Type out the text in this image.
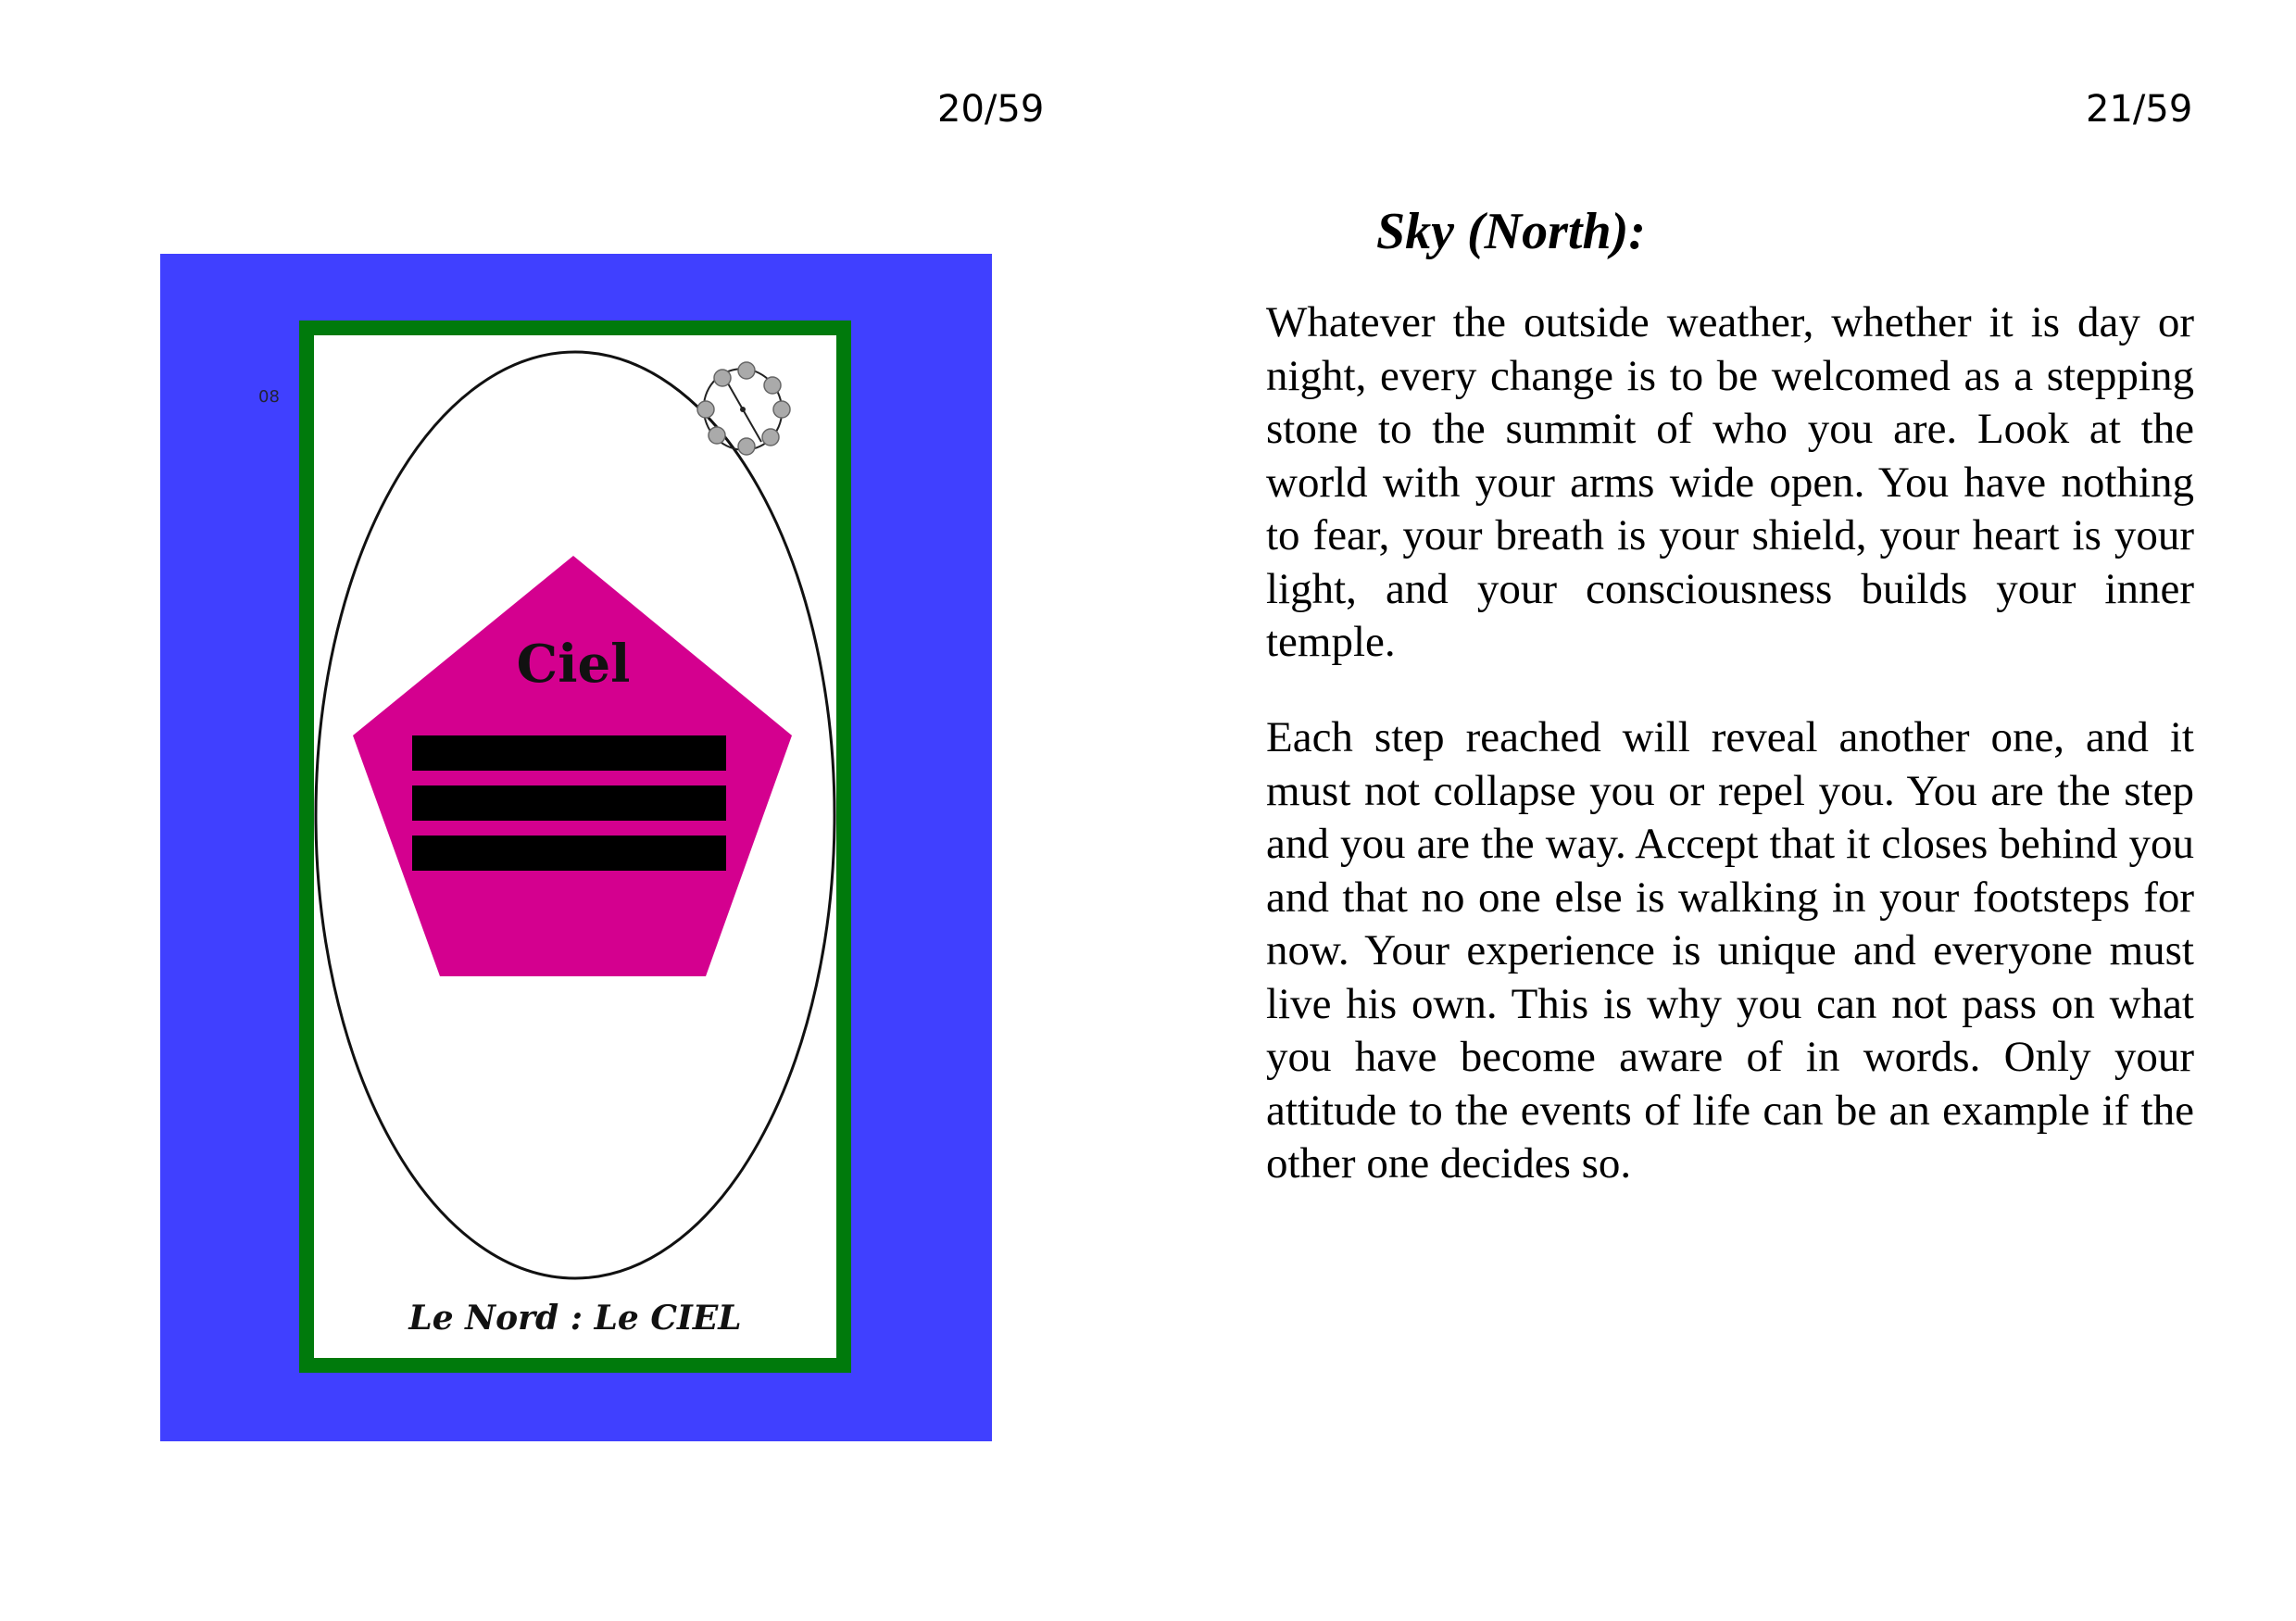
20/59	21/59
08
Ciel
Le Nord : Le CIEL
Sky (North):

Whatever the outside weather, whether it is day or night, every change is to be welcomed as a stepping stone to the summit of who you are. Look at the world with your arms wide open. You have nothing to fear, your breath is your shield, your heart is your light, and your consciousness builds your inner temple.

Each step reached will reveal another one, and it must not collapse you or repel you. You are the step and you are the way. Accept that it closes behind you and that no one else is walking in your footsteps for now. Your experience is unique and everyone must live his own. This is why you can not pass on what you have become aware of in words. Only your attitude to the events of life can be an example if the other one decides so.
